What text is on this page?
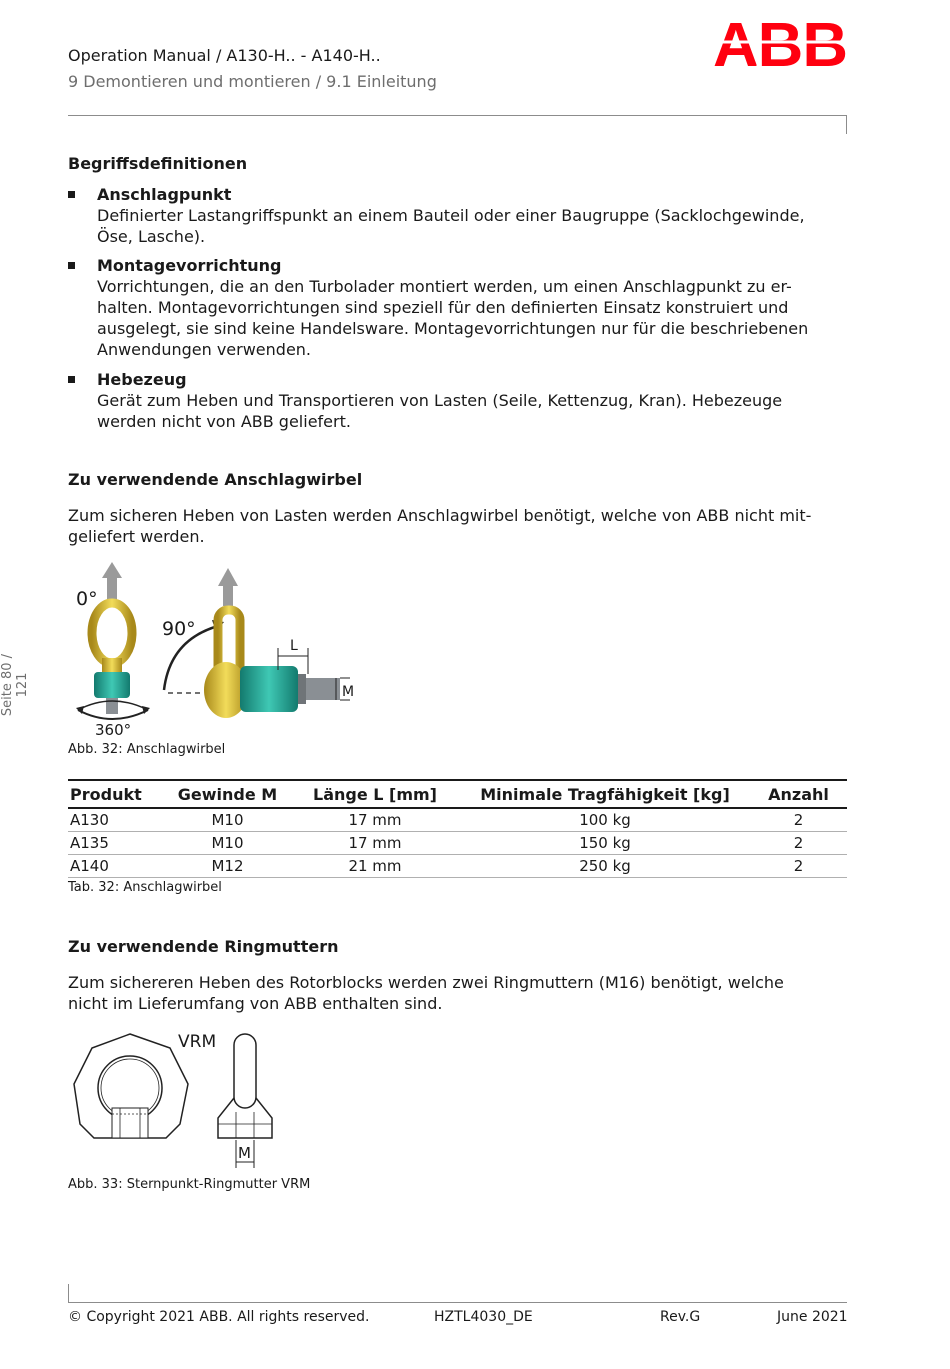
Operation Manual / A130-H.. - A140-H..
9 Demontieren und montieren / 9.1 Einleitung
ABB
Seite 80 / 121
Begriffsdefinitionen
Anschlagpunkt
Definierter Lastangriffspunkt an einem Bauteil oder einer Baugruppe (Sacklochgewinde,
Öse, Lasche).
Montagevorrichtung
Vorrichtungen, die an den Turbolader montiert werden, um einen Anschlagpunkt zu er-
halten. Montagevorrichtungen sind speziell für den definierten Einsatz konstruiert und
ausgelegt, sie sind keine Handelsware. Montagevorrichtungen nur für die beschriebenen
Anwendungen verwenden.
Hebezeug
Gerät zum Heben und Transportieren von Lasten (Seile, Kettenzug, Kran). Hebezeuge
werden nicht von ABB geliefert.
Zu verwendende Anschlagwirbel
Zum sicheren Heben von Lasten werden Anschlagwirbel benötigt, welche von ABB nicht mit-
geliefert werden.
0°
90°
360°
L
M
Abb. 32: Anschlagwirbel
Produkt	Gewinde M	Länge L [mm]	Minimale Tragfähigkeit [kg]	Anzahl
A130	M10	17 mm	100 kg	2
A135	M10	17 mm	150 kg	2
A140	M12	21 mm	250 kg	2
Tab. 32: Anschlagwirbel
Zu verwendende Ringmuttern
Zum sichereren Heben des Rotorblocks werden zwei Ringmuttern (M16) benötigt, welche
nicht im Lieferumfang von ABB enthalten sind.
VRM
M
Abb. 33: Sternpunkt-Ringmutter VRM
© Copyright 2021 ABB. All rights reserved.	HZTL4030_DE	Rev.G	June 2021
